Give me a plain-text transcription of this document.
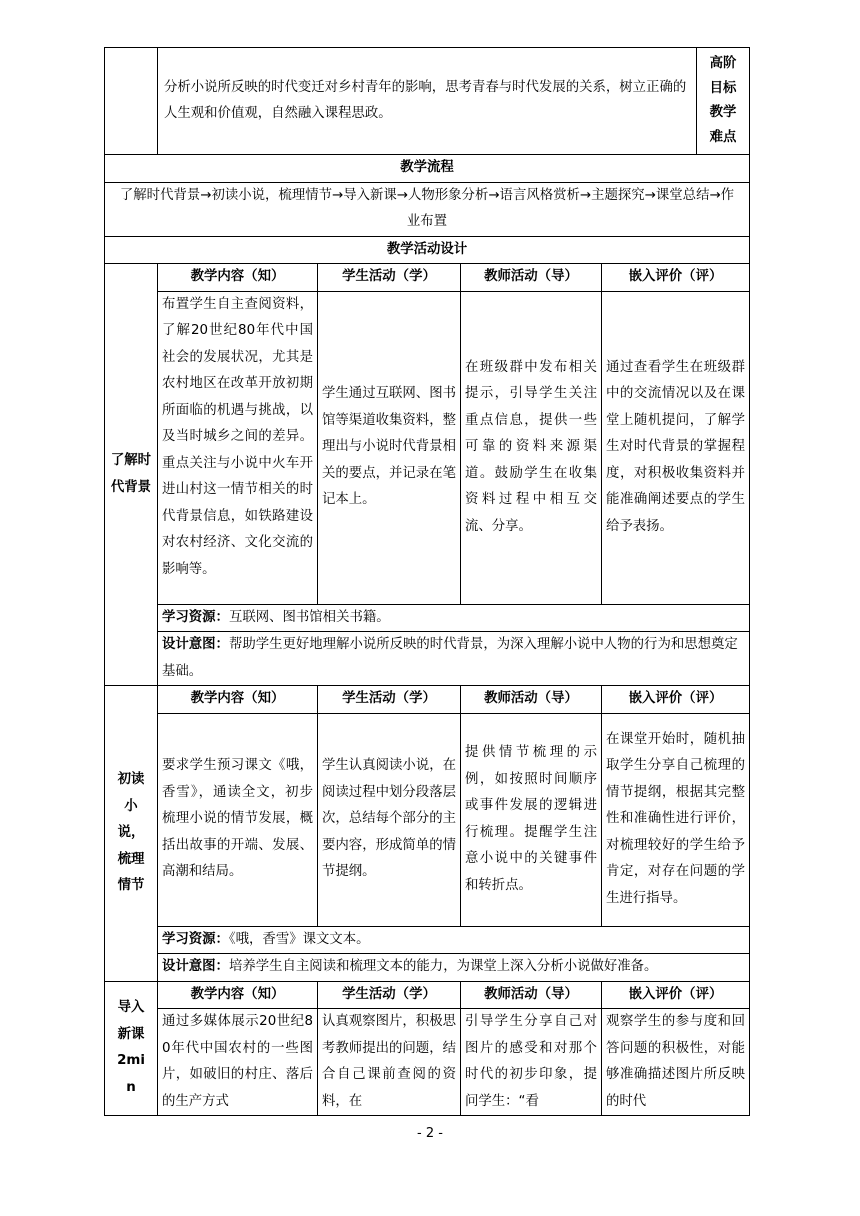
	分析小说所反映的时代变迁对乡村青年的影响，思考青春与时代发展的关系，树立正确的人生观和价值观，自然融入课程思政。				高阶目标教学难点
教学流程					
了解时代背景→初读小说，梳理情节→导入新课→人物形象分析→语言风格赏析→主题探究→课堂总结→作业布置					
教学活动设计					
了解时代背景	教学内容（知）	学生活动（学）	教师活动（导）	嵌入评价（评）	
	布置学生自主查阅资料，了解20世纪80年代中国社会的发展状况，尤其是农村地区在改革开放初期所面临的机遇与挑战，以及当时城乡之间的差异。重点关注与小说中火车开进山村这一情节相关的时代背景信息，如铁路建设对农村经济、文化交流的影响等。	学生通过互联网、图书馆等渠道收集资料，整理出与小说时代背景相关的要点，并记录在笔记本上。	在班级群中发布相关提示，引导学生关注重点信息，提供一些可靠的资料来源渠道。鼓励学生在收集资料过程中相互交流、分享。	通过查看学生在班级群中的交流情况以及在课堂上随机提问，了解学生对时代背景的掌握程度，对积极收集资料并能准确阐述要点的学生给予表扬。	
	学习资源：互联网、图书馆相关书籍。				
	设计意图：帮助学生更好地理解小说所反映的时代背景，为深入理解小说中人物的行为和思想奠定基础。				
初读小说，梳理情节	教学内容（知）	学生活动（学）	教师活动（导）	嵌入评价（评）	
	要求学生预习课文《哦，香雪》，通读全文，初步梳理小说的情节发展，概括出故事的开端、发展、高潮和结局。	学生认真阅读小说，在阅读过程中划分段落层次，总结每个部分的主要内容，形成简单的情节提纲。	提供情节梳理的示例，如按照时间顺序或事件发展的逻辑进行梳理。提醒学生注意小说中的关键事件和转折点。	在课堂开始时，随机抽取学生分享自己梳理的情节提纲，根据其完整性和准确性进行评价，对梳理较好的学生给予肯定，对存在问题的学生进行指导。	
	学习资源：《哦，香雪》课文文本。				
	设计意图：培养学生自主阅读和梳理文本的能力，为课堂上深入分析小说做好准备。				
导入新课2min	教学内容（知）	学生活动（学）	教师活动（导）	嵌入评价（评）	
	通过多媒体展示20世纪80年代中国农村的一些图片，如破旧的村庄、落后的生产方式	认真观察图片，积极思考教师提出的问题，结合自己课前查阅的资料，在	引导学生分享自己对图片的感受和对那个时代的初步印象，提问学生：“看	观察学生的参与度和回答问题的积极性，对能够准确描述图片所反映的时代	
- 2 -
